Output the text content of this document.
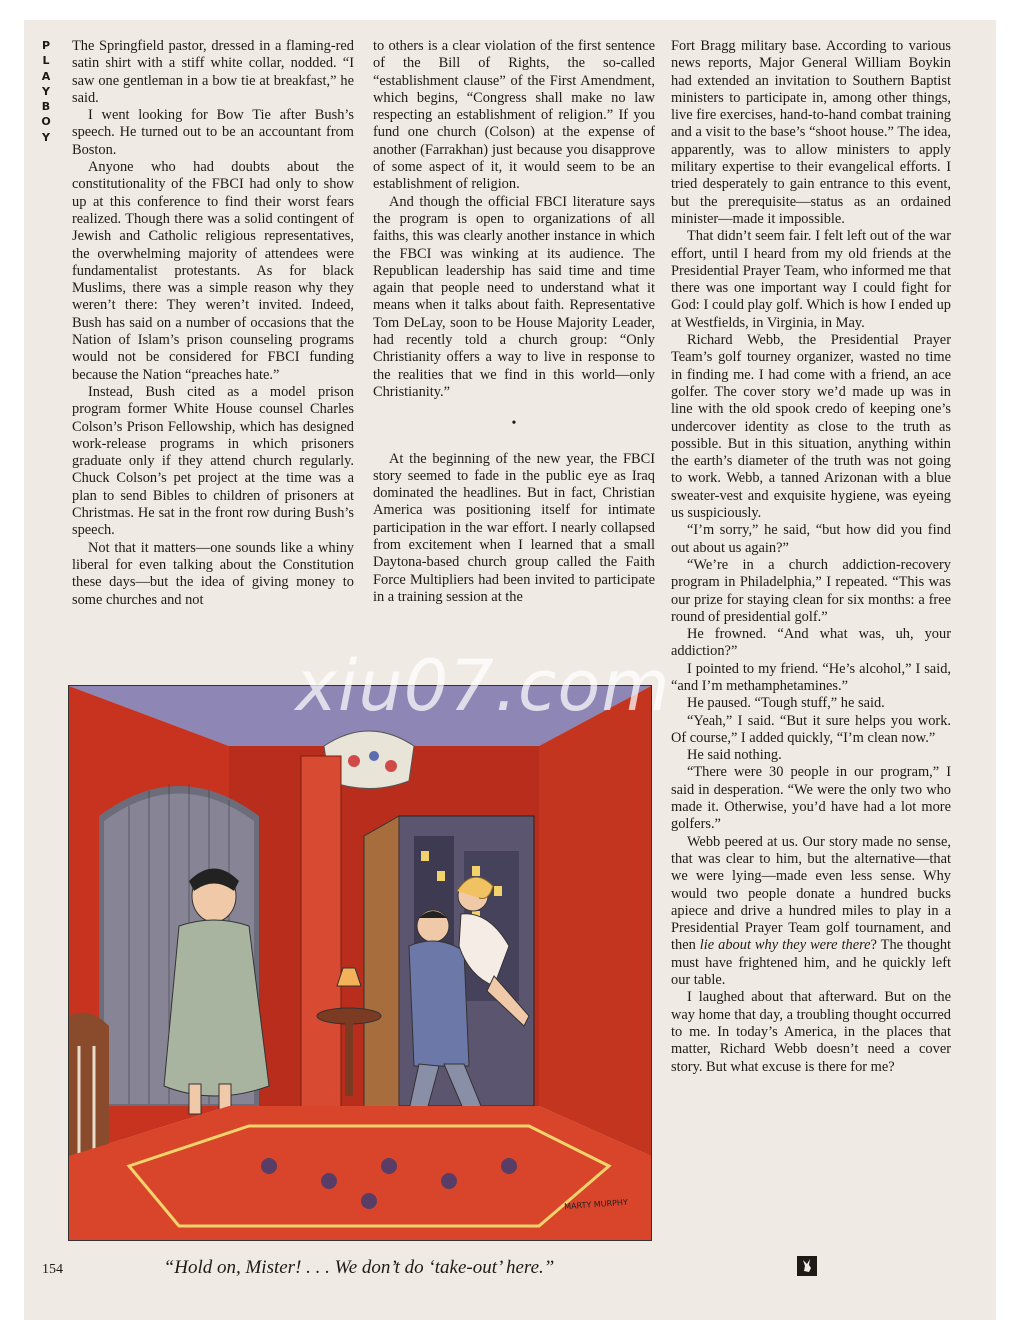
P
L
A
Y
B
O
Y

The Springfield pastor, dressed in a flaming-red satin shirt with a stiff white collar, nodded. “I saw one gentleman in a bow tie at breakfast,” he said.

I went looking for Bow Tie after Bush’s speech. He turned out to be an accountant from Boston.

Anyone who had doubts about the constitutionality of the FBCI had only to show up at this conference to find their worst fears realized. Though there was a solid contingent of Jewish and Catholic religious representatives, the overwhelming majority of attendees were fundamentalist protestants. As for black Muslims, there was a simple reason why they weren’t there: They weren’t invited. Indeed, Bush has said on a number of occasions that the Nation of Islam’s prison counseling programs would not be considered for FBCI funding because the Nation “preaches hate.”

Instead, Bush cited as a model prison program former White House counsel Charles Colson’s Prison Fellowship, which has designed work-release programs in which prisoners graduate only if they attend church regularly. Chuck Colson’s pet project at the time was a plan to send Bibles to children of prisoners at Christmas. He sat in the front row during Bush’s speech.

Not that it matters—one sounds like a whiny liberal for even talking about the Constitution these days—but the idea of giving money to some churches and not

to others is a clear violation of the first sentence of the Bill of Rights, the so-called “establishment clause” of the First Amendment, which begins, “Congress shall make no law respecting an establishment of religion.” If you fund one church (Colson) at the expense of another (Farrakhan) just because you disapprove of some aspect of it, it would seem to be an establishment of religion.

And though the official FBCI literature says the program is open to organizations of all faiths, this was clearly another instance in which the FBCI was winking at its audience. The Republican leadership has said time and time again that people need to understand what it means when it talks about faith. Representative Tom DeLay, soon to be House Majority Leader, had recently told a church group: “Only Christianity offers a way to live in response to the realities that we find in this world—only Christianity.”

•

At the beginning of the new year, the FBCI story seemed to fade in the public eye as Iraq dominated the headlines. But in fact, Christian America was positioning itself for intimate participation in the war effort. I nearly collapsed from excitement when I learned that a small Daytona-based church group called the Faith Force Multipliers had been invited to participate in a training session at the

Fort Bragg military base. According to various news reports, Major General William Boykin had extended an invitation to Southern Baptist ministers to participate in, among other things, live fire exercises, hand-to-hand combat training and a visit to the base’s “shoot house.” The idea, apparently, was to allow ministers to apply military expertise to their evangelical efforts. I tried desperately to gain entrance to this event, but the prerequisite—status as an ordained minister—made it impossible.

That didn’t seem fair. I felt left out of the war effort, until I heard from my old friends at the Presidential Prayer Team, who informed me that there was one important way I could fight for God: I could play golf. Which is how I ended up at Westfields, in Virginia, in May.

Richard Webb, the Presidential Prayer Team’s golf tourney organizer, wasted no time in finding me. I had come with a friend, an ace golfer. The cover story we’d made up was in line with the old spook credo of keeping one’s undercover identity as close to the truth as possible. But in this situation, anything within the earth’s diameter of the truth was not going to work. Webb, a tanned Arizonan with a blue sweater-vest and exquisite hygiene, was eyeing us suspiciously.

“I’m sorry,” he said, “but how did you find out about us again?”

“We’re in a church addiction-recovery program in Philadelphia,” I repeated. “This was our prize for staying clean for six months: a free round of presidential golf.”

He frowned. “And what was, uh, your addiction?”

I pointed to my friend. “He’s alcohol,” I said, “and I’m methamphetamines.”

He paused. “Tough stuff,” he said.

“Yeah,” I said. “But it sure helps you work. Of course,” I added quickly, “I’m clean now.”

He said nothing.

“There were 30 people in our program,” I said in desperation. “We were the only two who made it. Otherwise, you’d have had a lot more golfers.”

Webb peered at us. Our story made no sense, that was clear to him, but the alternative—that we were lying—made even less sense. Why would two people donate a hundred bucks apiece and drive a hundred miles to play in a Presidential Prayer Team golf tournament, and then lie about why they were there? The thought must have frightened him, and he quickly left our table.

I laughed about that afterward. But on the way home that day, a troubling thought occurred to me. In today’s America, in the places that matter, Richard Webb doesn’t need a cover story. But what excuse is there for me?

MARTY MURPHY
xiu07.com
154	“Hold on, Mister! . . . We don’t do ‘take-out’ here.”
